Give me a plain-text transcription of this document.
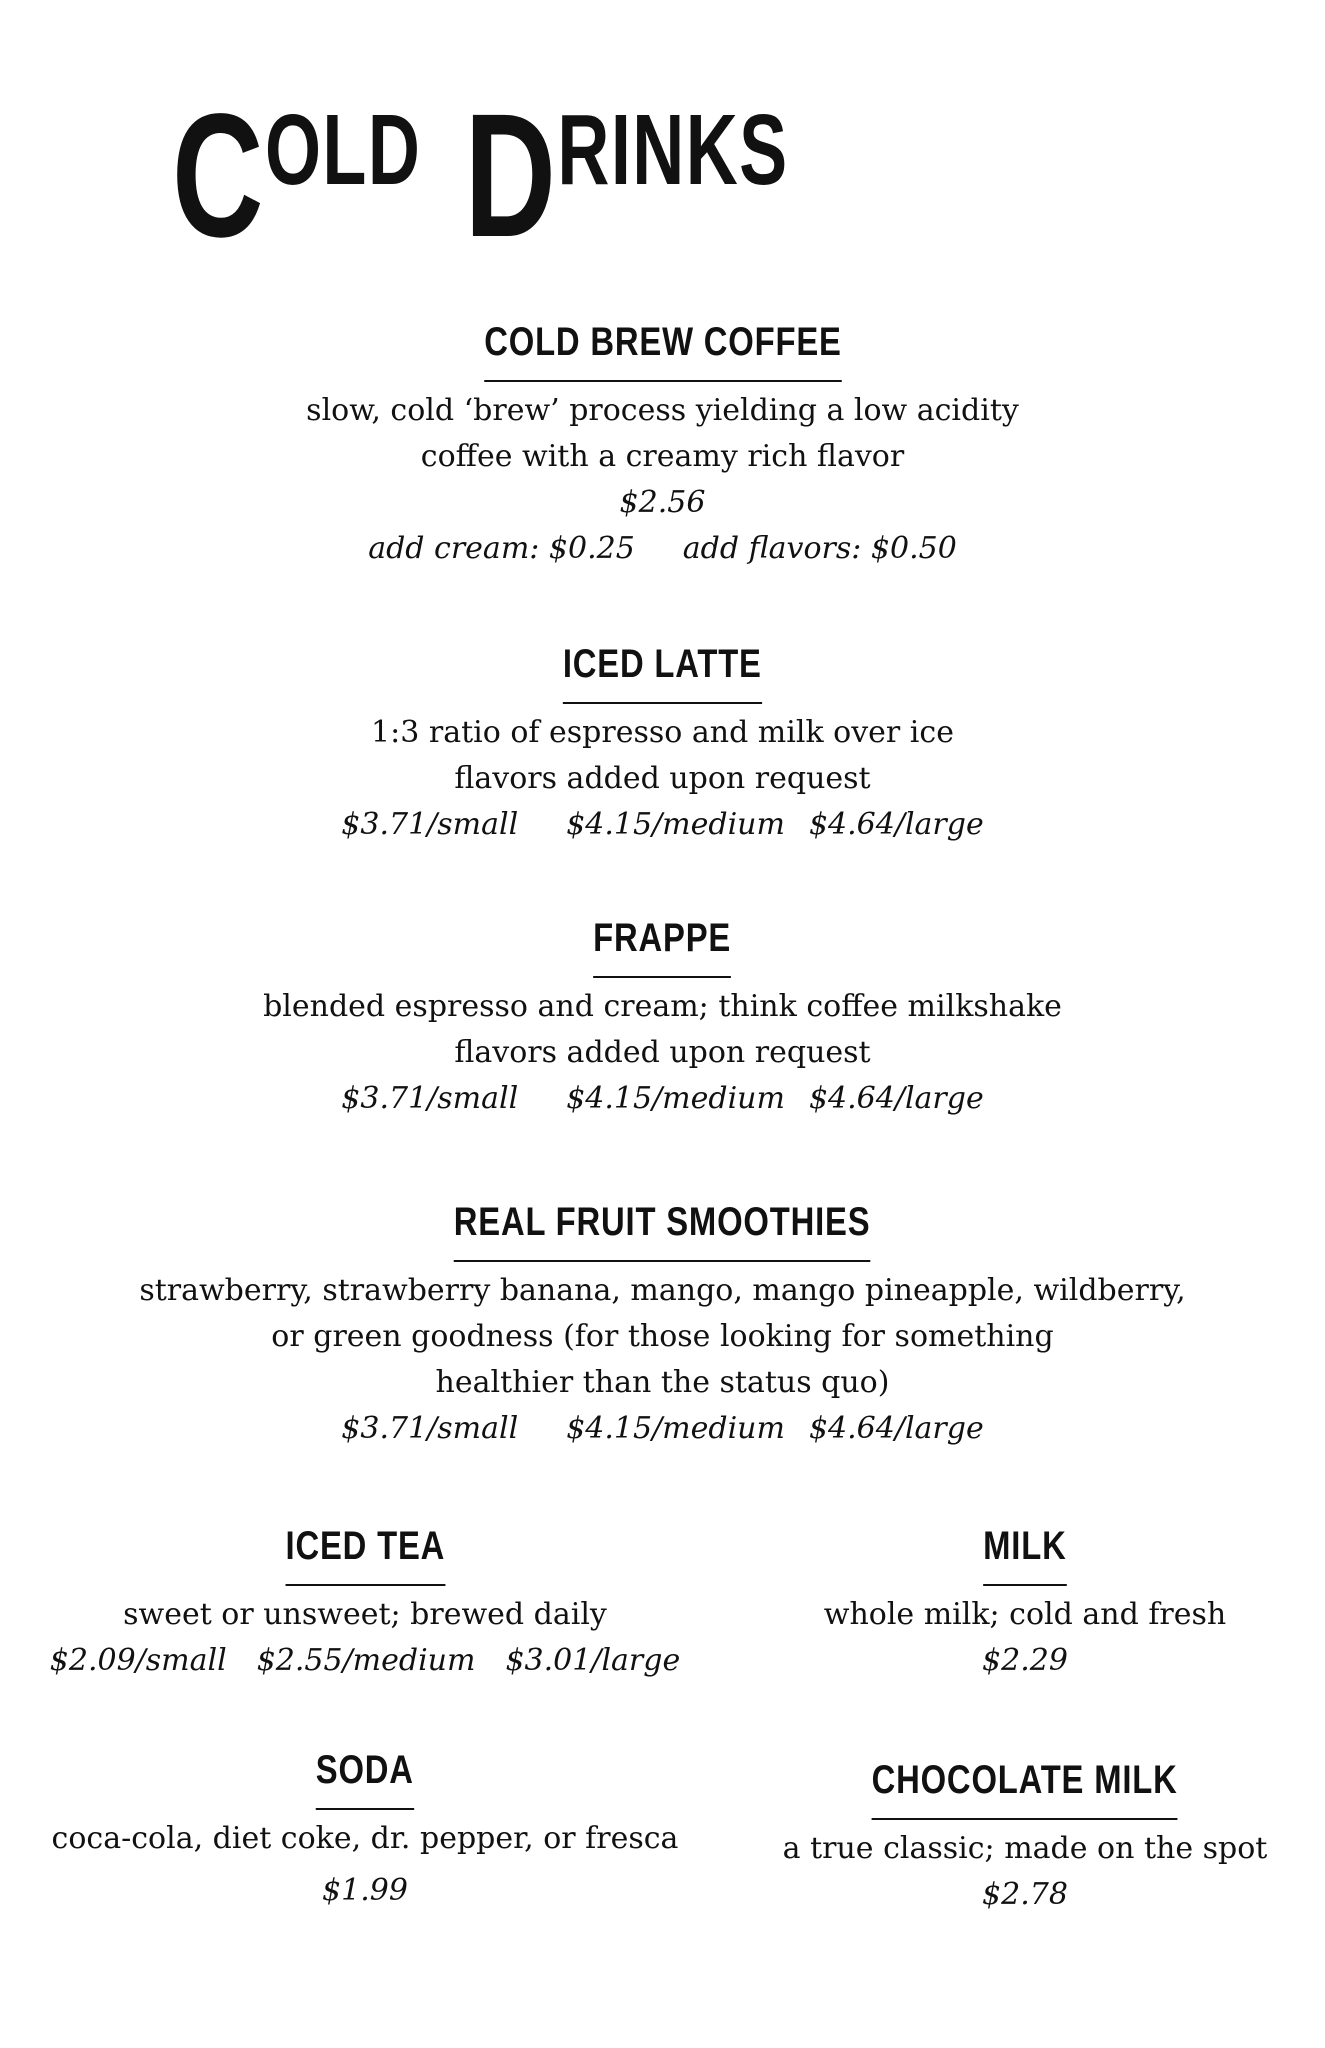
COLD DRINKS
COLD BREW COFFEE
slow, cold ‘brew’ process yielding a low acidity
coffee with a creamy rich flavor
$2.56
add cream: $0.25 add flavors: $0.50
ICED LATTE
1:3 ratio of espresso and milk over ice
flavors added upon request
$3.71/small $4.15/medium $4.64/large
FRAPPE
blended espresso and cream; think coffee milkshake
flavors added upon request
$3.71/small $4.15/medium $4.64/large
REAL FRUIT SMOOTHIES
strawberry, strawberry banana, mango, mango pineapple, wildberry,
or green goodness (for those looking for something
healthier than the status quo)
$3.71/small $4.15/medium $4.64/large
ICED TEA
sweet or unsweet; brewed daily
$2.09/small $2.55/medium $3.01/large
MILK
whole milk; cold and fresh
$2.29
SODA
coca-cola, diet coke, dr. pepper, or fresca
$1.99
CHOCOLATE MILK
a true classic; made on the spot
$2.78
